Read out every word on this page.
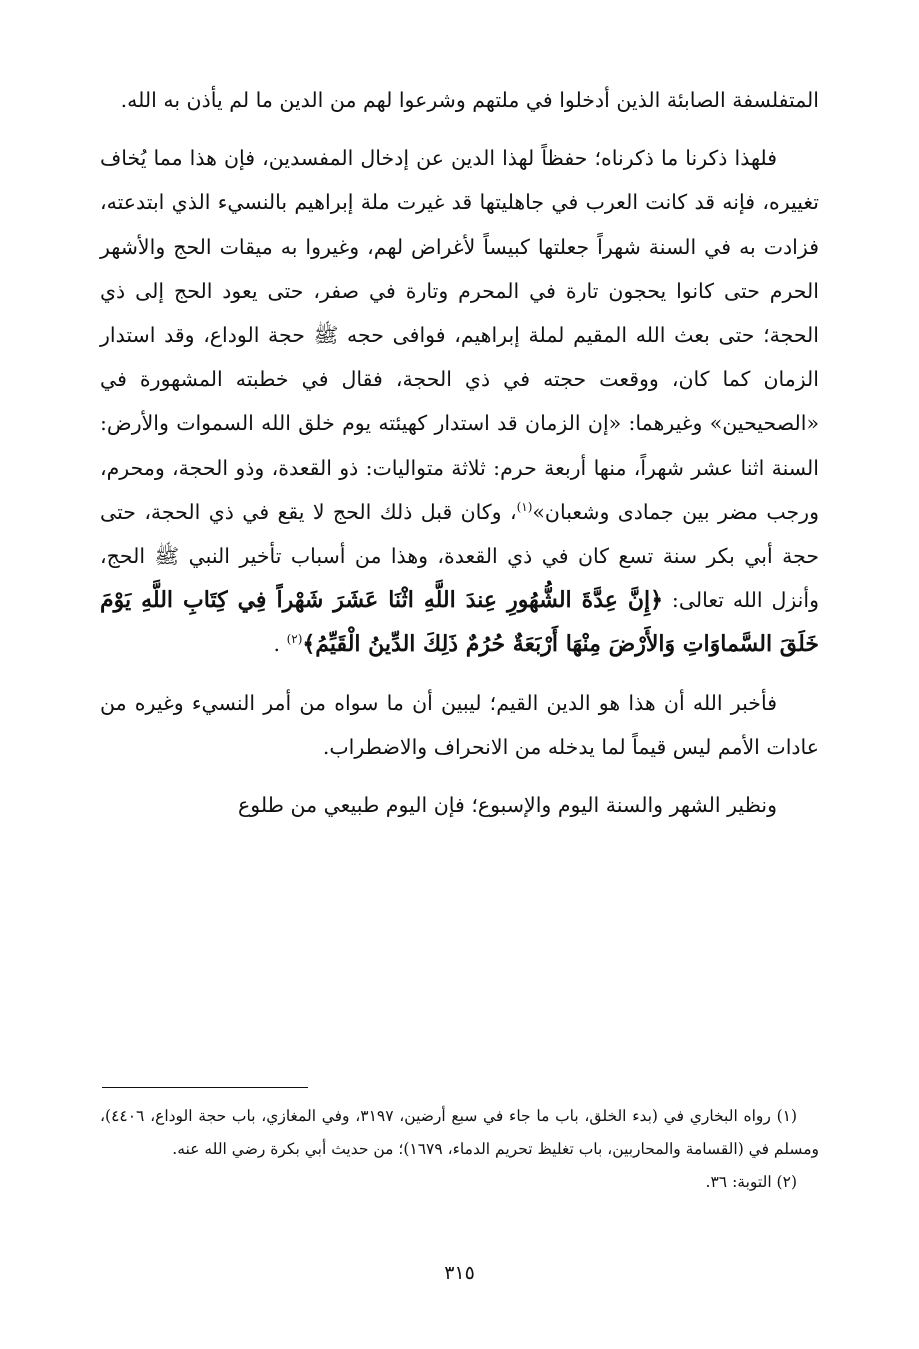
المتفلسفة الصابئة الذين أدخلوا في ملتهم وشرعوا لهم من الدين ما لم يأذن به الله.

فلهذا ذكرنا ما ذكرناه؛ حفظاً لهذا الدين عن إدخال المفسدين، فإن هذا مما يُخاف تغييره، فإنه قد كانت العرب في جاهليتها قد غيرت ملة إبراهيم بالنسيء الذي ابتدعته، فزادت به في السنة شهراً جعلتها كبيساً لأغراض لهم، وغيروا به ميقات الحج والأشهر الحرم حتى كانوا يحجون تارة في المحرم وتارة في صفر، حتى يعود الحج إلى ذي الحجة؛ حتى بعث الله المقيم لملة إبراهيم، فوافى حجه ﷺ حجة الوداع، وقد استدار الزمان كما كان، ووقعت حجته في ذي الحجة، فقال في خطبته المشهورة في «الصحيحين» وغيرهما: «إن الزمان قد استدار كهيئته يوم خلق الله السموات والأرض: السنة اثنا عشر شهراً، منها أربعة حرم: ثلاثة متواليات: ذو القعدة، وذو الحجة، ومحرم، ورجب مضر بين جمادى وشعبان»$^{(١)}$، وكان قبل ذلك الحج لا يقع في ذي الحجة، حتى حجة أبي بكر سنة تسع كان في ذي القعدة، وهذا من أسباب تأخير النبي ﷺ الحج، وأنزل الله تعالى: ﴿إِنَّ عِدَّةَ الشُّهُورِ عِندَ اللَّهِ اثْنَا عَشَرَ شَهْراً فِي كِتَابِ اللَّهِ يَوْمَ خَلَقَ السَّماوَاتِ وَالأَرْضَ مِنْهَا أَرْبَعَةٌ حُرُمٌ ذَلِكَ الدِّينُ الْقَيِّمُ﴾$^{(٢)}$ .

فأخبر الله أن هذا هو الدين القيم؛ ليبين أن ما سواه من أمر النسيء وغيره من عادات الأمم ليس قيماً لما يدخله من الانحراف والاضطراب.

ونظير الشهر والسنة اليوم والإسبوع؛ فإن اليوم طبيعي من طلوع

(١) رواه البخاري في (بدء الخلق، باب ما جاء في سبع أرضين، ٣١٩٧، وفي المغازي، باب حجة الوداع، ٤٤٠٦)، ومسلم في (القسامة والمحاربين، باب تغليظ تحريم الدماء، ١٦٧٩)؛ من حديث أبي بكرة رضي الله عنه.

(٢) التوبة: ٣٦.

٣١٥
